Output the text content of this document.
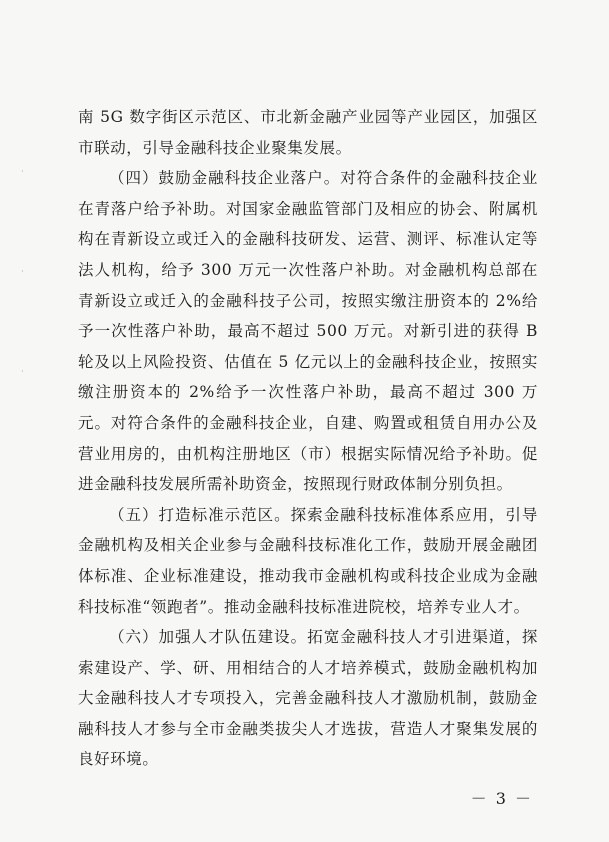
南 5G 数字街区示范区、市北新金融产业园等产业园区，加强区市联动，引导金融科技企业聚集发展。

（四）鼓励金融科技企业落户。对符合条件的金融科技企业在青落户给予补助。对国家金融监管部门及相应的协会、附属机构在青新设立或迁入的金融科技研发、运营、测评、标准认定等法人机构，给予 300 万元一次性落户补助。对金融机构总部在青新设立或迁入的金融科技子公司，按照实缴注册资本的 2%给予一次性落户补助，最高不超过 500 万元。对新引进的获得 B 轮及以上风险投资、估值在 5 亿元以上的金融科技企业，按照实缴注册资本的 2%给予一次性落户补助，最高不超过 300 万元。对符合条件的金融科技企业，自建、购置或租赁自用办公及营业用房的，由机构注册地区（市）根据实际情况给予补助。促进金融科技发展所需补助资金，按照现行财政体制分别负担。

（五）打造标准示范区。探索金融科技标准体系应用，引导金融机构及相关企业参与金融科技标准化工作，鼓励开展金融团体标准、企业标准建设，推动我市金融机构或科技企业成为金融科技标准“领跑者”。推动金融科技标准进院校，培养专业人才。

（六）加强人才队伍建设。拓宽金融科技人才引进渠道，探索建设产、学、研、用相结合的人才培养模式，鼓励金融机构加大金融科技人才专项投入，完善金融科技人才激励机制，鼓励金融科技人才参与全市金融类拔尖人才选拔，营造人才聚集发展的良好环境。

－ 3 －
